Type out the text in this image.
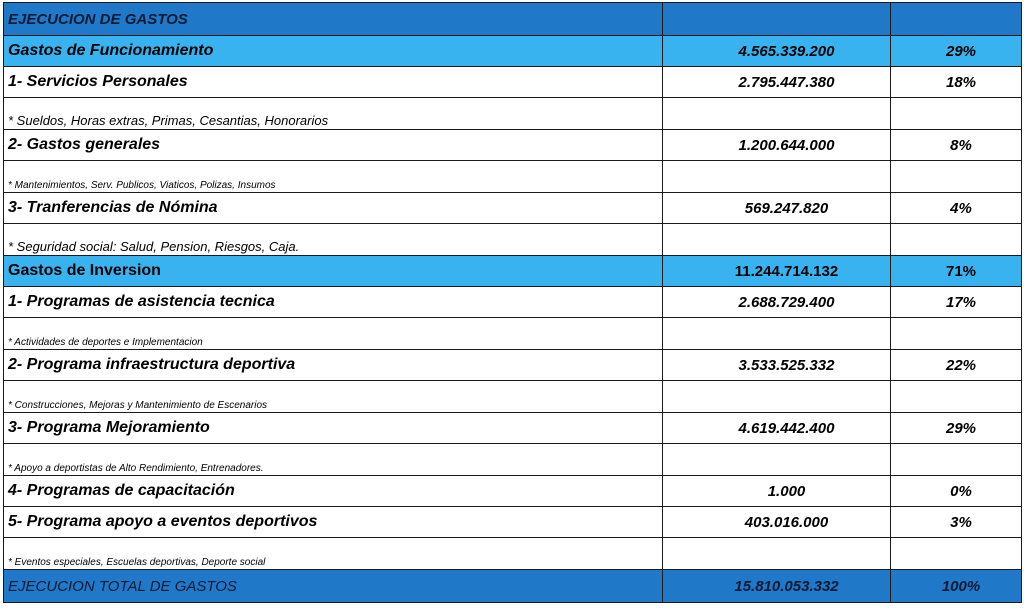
EJECUCION DE GASTOS		
Gastos de Funcionamiento	4.565.339.200	29%
1- Servicios Personales	2.795.447.380	18%
* Sueldos, Horas extras, Primas, Cesantias, Honorarios		
2- Gastos generales	1.200.644.000	8%
* Mantenimientos, Serv. Publicos, Viaticos, Polizas, Insumos		
3- Tranferencias de Nómina	569.247.820	4%
* Seguridad social: Salud, Pension, Riesgos, Caja.		
Gastos de Inversion	11.244.714.132	71%
1- Programas de asistencia tecnica	2.688.729.400	17%
* Actividades de deportes e Implementacion		
2- Programa infraestructura deportiva	3.533.525.332	22%
* Construcciones, Mejoras y Mantenimiento de Escenarios		
3- Programa Mejoramiento	4.619.442.400	29%
* Apoyo a deportistas de Alto Rendimiento, Entrenadores.		
4- Programas de capacitación	1.000	0%
5- Programa apoyo a eventos deportivos	403.016.000	3%
* Eventos especiales, Escuelas deportivas, Deporte social		
EJECUCION TOTAL DE GASTOS	15.810.053.332	100%
